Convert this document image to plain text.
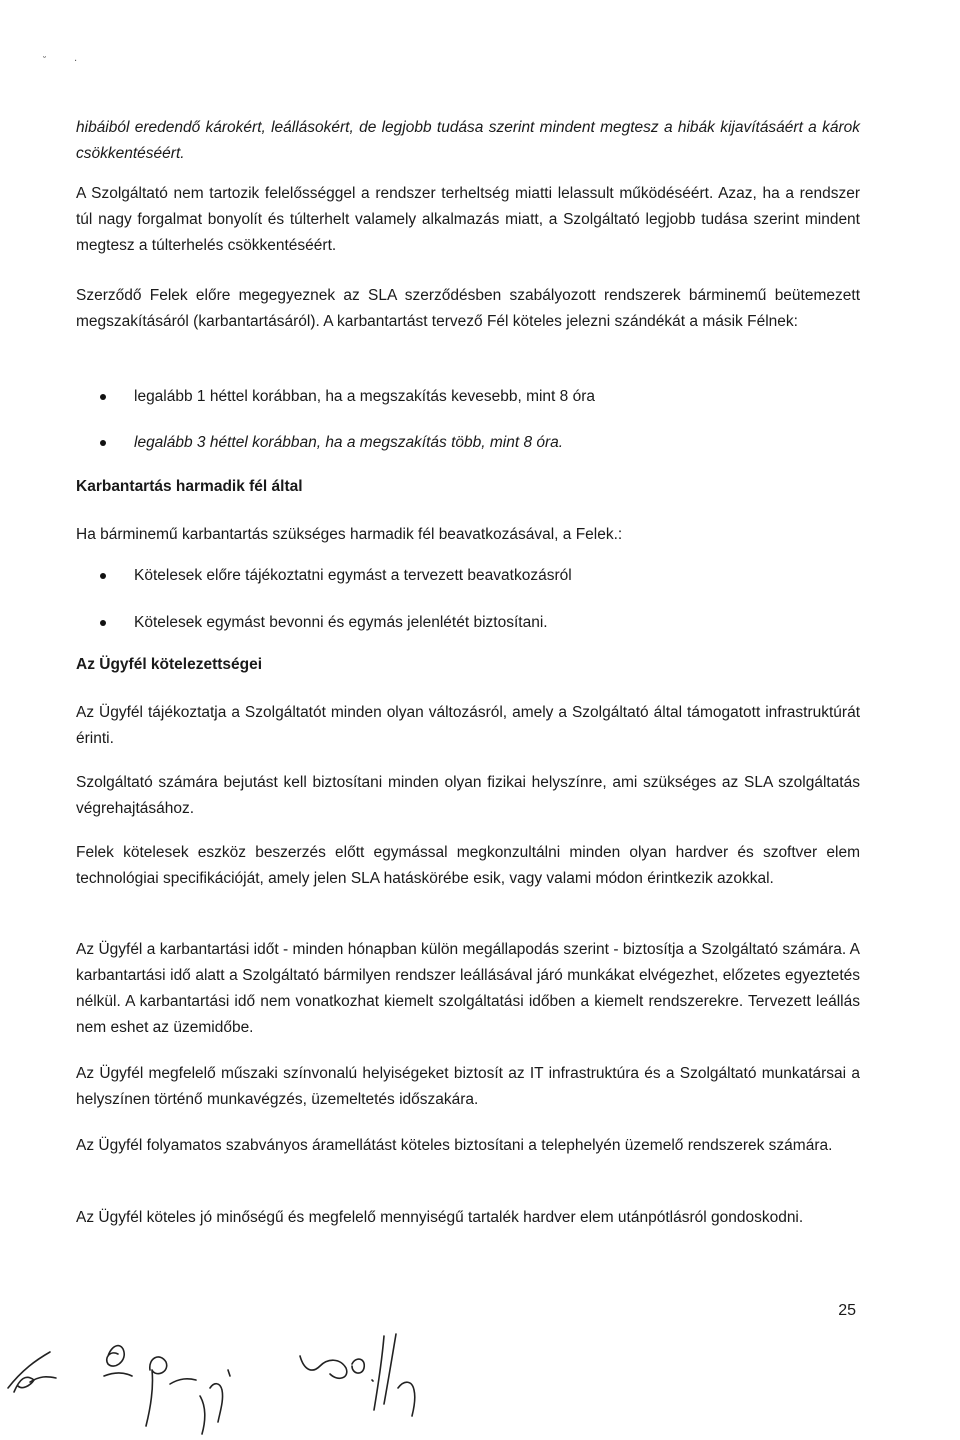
˘	·

hibáiból eredendő károkért, leállásokért, de legjobb tudása szerint mindent megtesz a hibák kijavításáért a károk csökkentéséért.

A Szolgáltató nem tartozik felelősséggel a rendszer terheltség miatti lelassult működéséért. Azaz, ha a rendszer túl nagy forgalmat bonyolít és túlterhelt valamely alkalmazás miatt, a Szolgáltató legjobb tudása szerint mindent megtesz a túlterhelés csökkentéséért.

Szerződő Felek előre megegyeznek az SLA szerződésben szabályozott rendszerek bárminemű beütemezett megszakításáról (karbantartásáról). A karbantartást tervező Fél köteles jelezni szándékát a másik Félnek:

legalább 1 héttel korábban, ha a megszakítás kevesebb, mint 8 óra
legalább 3 héttel korábban, ha a megszakítás több, mint 8 óra.

Karbantartás harmadik fél által

Ha bárminemű karbantartás szükséges harmadik fél beavatkozásával, a Felek.:

Kötelesek előre tájékoztatni egymást a tervezett beavatkozásról
Kötelesek egymást bevonni és egymás jelenlétét biztosítani.

Az Ügyfél kötelezettségei

Az Ügyfél tájékoztatja a Szolgáltatót minden olyan változásról, amely a Szolgáltató által támogatott infrastruktúrát érinti.

Szolgáltató számára bejutást kell biztosítani minden olyan fizikai helyszínre, ami szükséges az SLA szolgáltatás végrehajtásához.

Felek kötelesek eszköz beszerzés előtt egymással megkonzultálni minden olyan hardver és szoftver elem technológiai specifikációját, amely jelen SLA hatáskörébe esik, vagy valami módon érintkezik azokkal.

Az Ügyfél a karbantartási időt - minden hónapban külön megállapodás szerint - biztosítja a Szolgáltató számára. A karbantartási idő alatt a Szolgáltató bármilyen rendszer leállásával járó munkákat elvégezhet, előzetes egyeztetés nélkül. A karbantartási idő nem vonatkozhat kiemelt szolgáltatási időben a kiemelt rendszerekre. Tervezett leállás nem eshet az üzemidőbe.

Az Ügyfél megfelelő műszaki színvonalú helyiségeket biztosít az IT infrastruktúra és a Szolgáltató munkatársai a helyszínen történő munkavégzés, üzemeltetés időszakára.

Az Ügyfél folyamatos szabványos áramellátást köteles biztosítani a telephelyén üzemelő rendszerek számára.

Az Ügyfél köteles jó minőségű és megfelelő mennyiségű tartalék hardver elem utánpótlásról gondoskodni.

25
